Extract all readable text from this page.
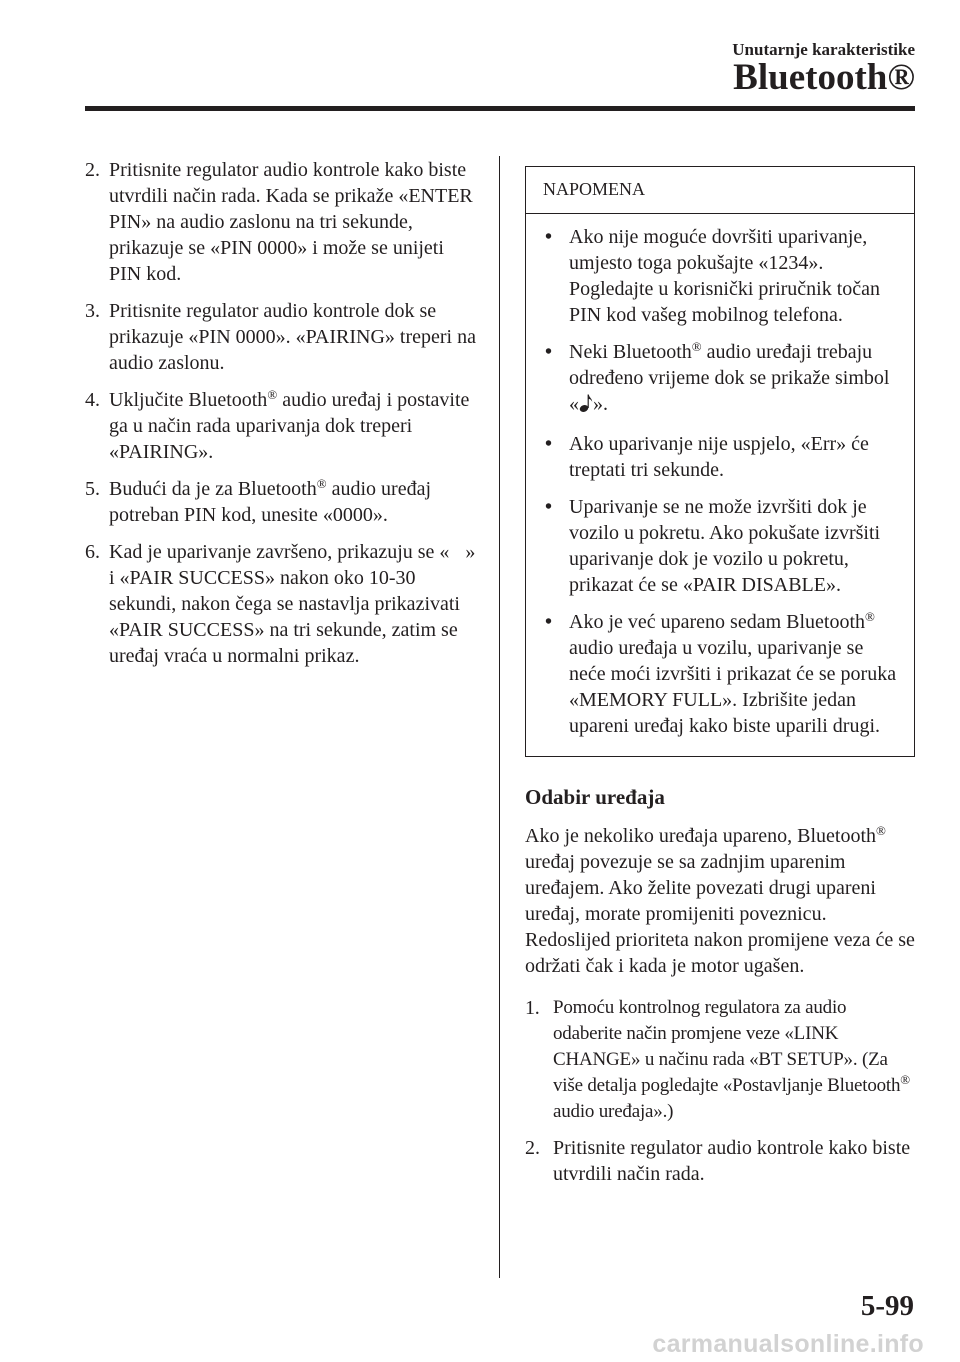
Unutarnje karakteristike
Bluetooth®
2. Pritisnite regulator audio kontrole kako biste utvrdili način rada. Kada se prikaže «ENTER PIN» na audio zaslonu na tri sekunde, prikazuje se «PIN 0000» i može se unijeti PIN kod.
3. Pritisnite regulator audio kontrole dok se prikazuje «PIN 0000». «PAIRING» treperi na audio zaslonu.
4. Uključite Bluetooth® audio uređaj i postavite ga u način rada uparivanja dok treperi «PAIRING».
5. Budući da je za Bluetooth® audio uređaj potreban PIN kod, unesite «0000».
6. Kad je uparivanje završeno, prikazuju se « » i «PAIR SUCCESS» nakon oko 10-30 sekundi, nakon čega se nastavlja prikazivati «PAIR SUCCESS» na tri sekunde, zatim se uređaj vraća u normalni prikaz.
NAPOMENA
• Ako nije moguće dovršiti uparivanje, umjesto toga pokušajte «1234». Pogledajte u korisnički priručnik točan PIN kod vašeg mobilnog telefona.
• Neki Bluetooth® audio uređaji trebaju određeno vrijeme dok se prikaže simbol « ».
• Ako uparivanje nije uspjelo, «Err» će treptati tri sekunde.
• Uparivanje se ne može izvršiti dok je vozilo u pokretu. Ako pokušate izvršiti uparivanje dok je vozilo u pokretu, prikazat će se «PAIR DISABLE».
• Ako je već upareno sedam Bluetooth® audio uređaja u vozilu, uparivanje se neće moći izvršiti i prikazat će se poruka «MEMORY FULL». Izbrišite jedan upareni uređaj kako biste uparili drugi.
Odabir uređaja
Ako je nekoliko uređaja upareno, Bluetooth® uređaj povezuje se sa zadnjim uparenim uređajem. Ako želite povezati drugi upareni uređaj, morate promijeniti poveznicu. Redoslijed prioriteta nakon promijene veza će se održati čak i kada je motor ugašen.
1. Pomoću kontrolnog regulatora za audio odaberite način promjene veze «LINK CHANGE» u načinu rada «BT SETUP». (Za više detalja pogledajte «Postavljanje Bluetooth® audio uređaja».)
2. Pritisnite regulator audio kontrole kako biste utvrdili način rada.
5-99
carmanualsonline.info
